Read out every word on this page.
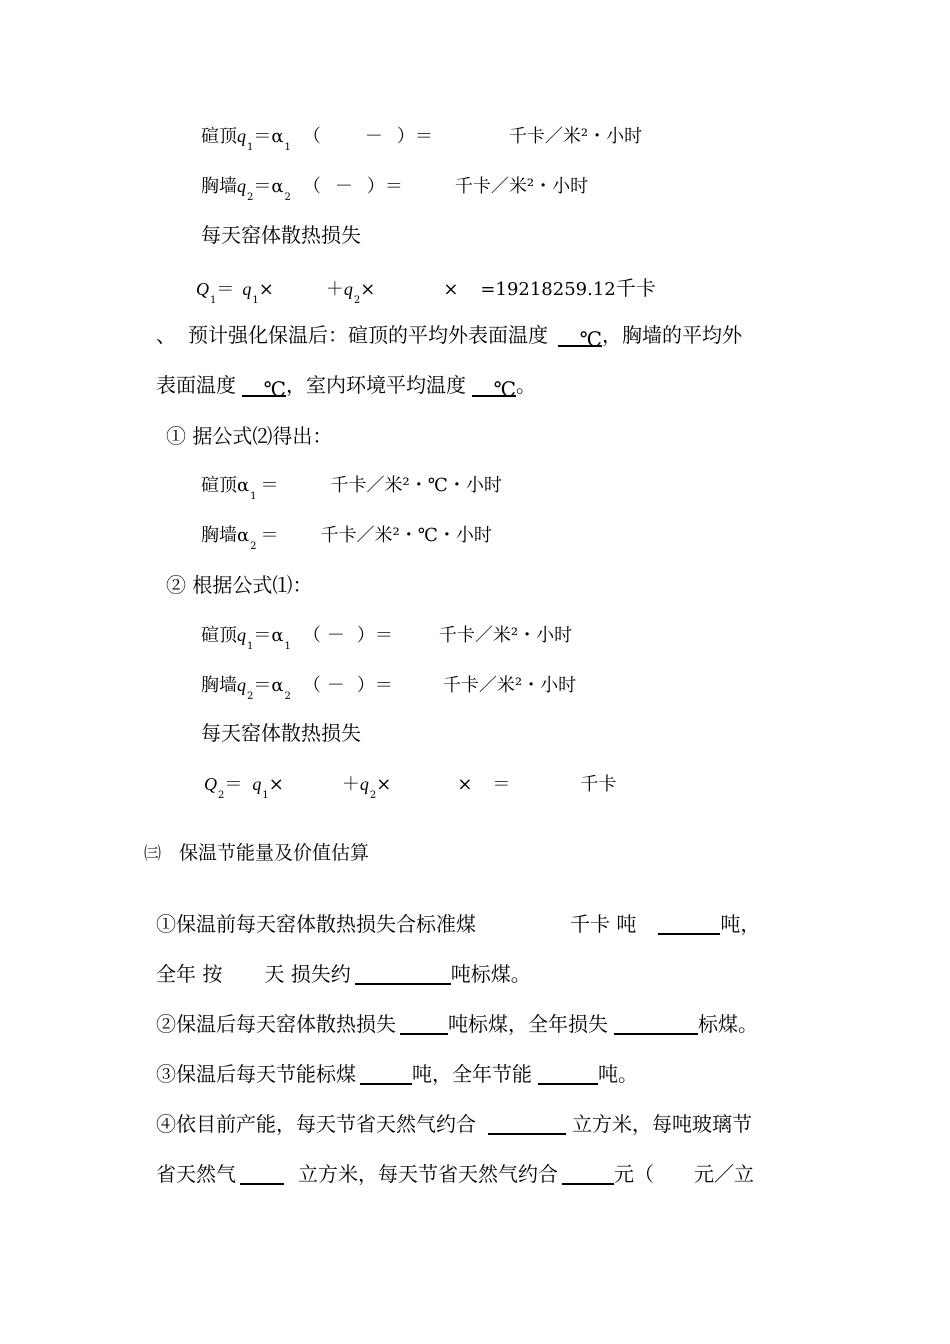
碹顶$q_1=\alpha_1$（ － ）＝	千卡／米²・小时
胸墙$q_2=\alpha_2$（ － ）＝	千卡／米²・小时
每天窑体散热损失
$Q_1= q_1\times$	$+q_2\times$	× =19218259.12千卡
、 预计强化保温后：碹顶的平均外表面温度 ℃，胸墙的平均外
表面温度 ℃，室内环境平均温度 ℃。
① 据公式⑵得出：
碹顶$\alpha_1=$	千卡／米²・℃・小时
胸墙$\alpha_2=$ 千卡／米²・℃・小时
② 根据公式⑴：
碹顶$q_1=\alpha_1$（ － ）＝	千卡／米²・小时
胸墙$q_2=\alpha_2$（ － ）＝	千卡／米²・小时
每天窑体散热损失
$Q_2= q_1\times$	$+q_2\times$	× ＝	千卡
㈢ 保温节能量及价值估算
①保温前每天窑体散热损失合标准煤	千卡 吨	吨，
全年 按 天 损失约	吨标煤。
②保温后每天窑体散热损失	吨标煤，全年损失	标煤。
③保温后每天节能标煤	吨，全年节能	吨。
④依目前产能，每天节省天然气约合	立方米，每吨玻璃节
省天然气	立方米，每天节省天然气约合	元（ 元／立
